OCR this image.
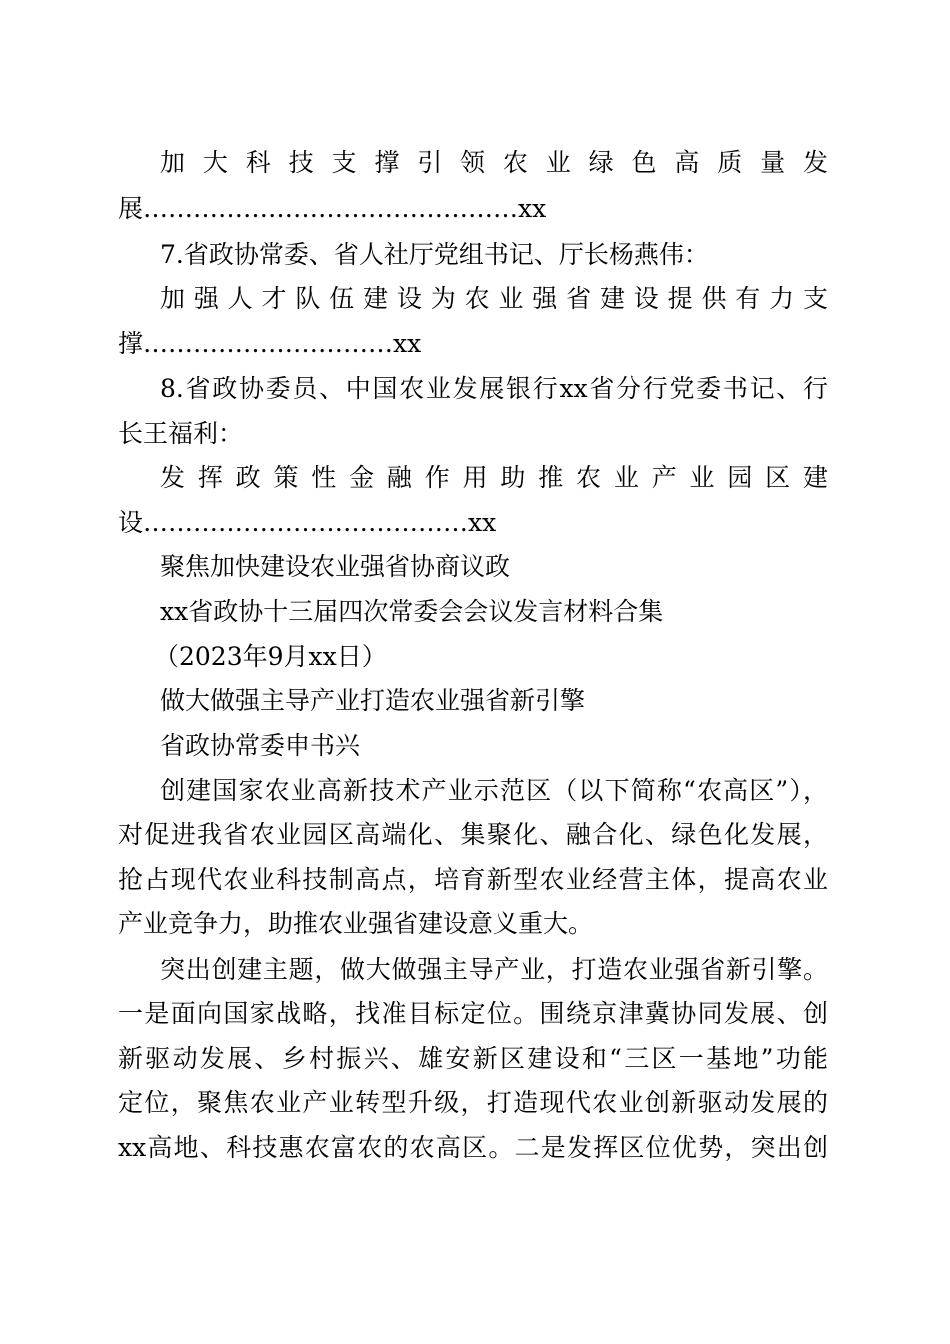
加大科技支撑引领农业绿色高质量发
展………………………………………xx
7.省政协常委、省人社厅党组书记、厅长杨燕伟：
加强人才队伍建设为农业强省建设提供有力支
撑…………………………xx
8.省政协委员、中国农业发展银行xx省分行党委书记、行
长王福利：
发挥政策性金融作用助推农业产业园区建
设…………………………………xx
聚焦加快建设农业强省协商议政
xx省政协十三届四次常委会会议发言材料合集
（2023年9月xx日）
做大做强主导产业打造农业强省新引擎
省政协常委申书兴
创建国家农业高新技术产业示范区（以下简称“农高区”），
对促进我省农业园区高端化、集聚化、融合化、绿色化发展，
抢占现代农业科技制高点，培育新型农业经营主体，提高农业
产业竞争力，助推农业强省建设意义重大。
突出创建主题，做大做强主导产业，打造农业强省新引擎。
一是面向国家战略，找准目标定位。围绕京津冀协同发展、创
新驱动发展、乡村振兴、雄安新区建设和“三区一基地”功能
定位，聚焦农业产业转型升级，打造现代农业创新驱动发展的
xx高地、科技惠农富农的农高区。二是发挥区位优势，突出创
